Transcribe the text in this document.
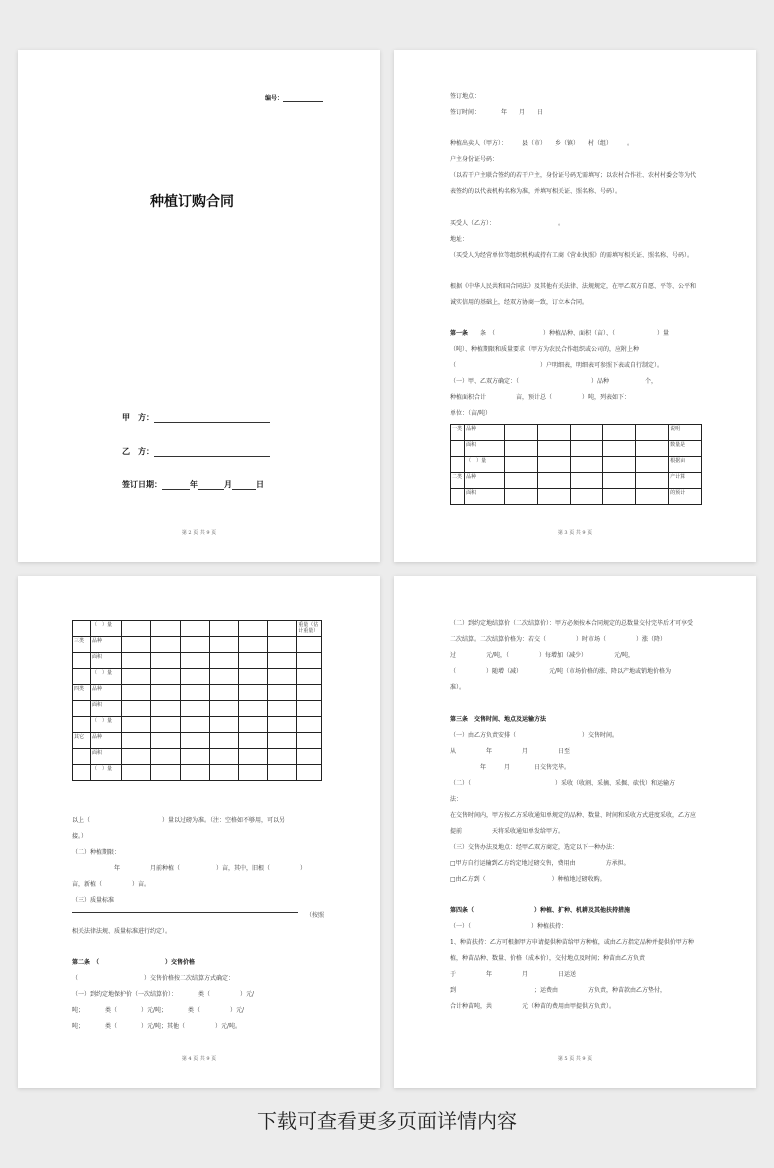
编号：
种植订购合同
甲　方：
乙　方：
签订日期：	年	月	日
第 2 页 共 9 页
签订地点：
签订时间：　　　　年　　月　　日
种植出卖人（甲方）：　　　县（市）　　乡（镇）　　村（组）　　　。
户主身份证号码：
（以若干户主联合签约的若干户主，身份证号码无需填写；以农村合作社、农村村委会等为代
表签约的以代表机构名称为准，并填写相关证、照名称、号码）。
买受人（乙方）：　　　　　　　　　　　。
地址：
（买受人为经营单位等组织机构或持有工商《营业执照》的需填写相关证、照名称、号码）。
根据《中华人民共和国合同法》及其他有关法律、法规规定，在甲乙双方自愿、平等、公平和
诚实信用的基础上，经双方协商一致，订立本合同。
第一条　　条　（　　　　　　　　）种植品种、面积（亩）、（　　　　　　　）量
（吨）、种植期限和质量要求（甲方为农民合作组织或公司的，应附上种
（　　　　　　　　　　　　　　）户明细表，明细表可参照下表或自行制定）。
（一）甲、乙双方确定：（　　　　　　　　　　　　）品种　　　　　　个，
种植面积合计　　　　　亩，预计总（　　　　　）吨，列表如下：
单位：（亩/吨）
一类	品种						说明
	面积						数量是
	（　）量						根据亩
二类	品种						产计算
	面积						的预计
第 3 页 共 9 页
	（　）量							重量（估计重量）
三类	品种							
	面积							
	（　）量							
四类	品种							
	面积							
	（　）量							
其它	品种							
	面积							
	（　）量							
以上（　　　　　　　　　　　　）量以过磅为准。（注：空格如不够用，可以另
接。）
（二）种植期限：
　　　　　　　年　　　　　月前种植（　　　　　　）亩，其中，旧根（　　　　　）
亩，新植（　　　　　）亩。
（三）质量标准
（按照
相关法律法规、质量标准进行约定）。
第二条　（　　　　　　　　　　　）交售价格
（　　　　　　　　　　　）交售价格按二次结算方式确定：
（一）到约定地保护价（一次结算价）：　　　　类（　　　　　）元/
吨；　　　　类（　　　　）元/吨；　　　　类（　　　　　）元/
吨；　　　　类（　　　　）元/吨；其他（　　　　　）元/吨。
第 4 页 共 9 页
（二）到约定地结算价（二次结算价）：甲方必须按本合同规定的总数量交付完毕后才可享受
二次结算。二次结算价格为：若交（　　　　　）时市场（　　　　　）涨（降）
过　　　　　元/吨，（　　　　　）每增加（减少）　　　　　元/吨，
（　　　　　）随增（减）　　　　　元/吨（市场价格的涨、降以产地或销地价格为
准）。
第三条　交售时间、地点及运输方法
（一）由乙方负责安排（　　　　　　　　　　　）交售时间。
从　　　　　年　　　　　月　　　　　日至
　　　　　年　　　月　　　　日交售完毕。
（二）（　　　　　　　　　　　　　　）采收（收割、采摘、采掘、砍伐）和运输方
法：
在交售时间内，甲方按乙方采收通知单规定的品种、数量、时间和采收方式进度采收，乙方应
提前　　　　　天将采收通知单发给甲方。
（三）交售办法及地点：经甲乙双方商定，选定以下一种办法：
□甲方自行运输到乙方约定地过磅交售，费用由　　　　　方承担。
□由乙方到（　　　　　　　　　　　）种植地过磅收购。
第四条（　　　　　　　　　　）种植、扩种、机耕及其他扶持措施
（一）（　　　　　　　　　　）种植扶持：
1、种苗扶持：乙方可根据甲方申请提供种苗给甲方种植，或由乙方指定品种并提供价甲方种
植，种苗品种、数量、价格（成本价），交付地点及时间；种苗由乙方负责
于　　　　　年　　　　　月　　　　　日运送
到　　　　　　　　　　　　　；运费由　　　　　方负责，种苗款由乙方垫付，
合计种苗吨，共　　　　　元（种苗的费用由甲提供方负责）。
第 5 页 共 9 页
下载可查看更多页面详情内容
